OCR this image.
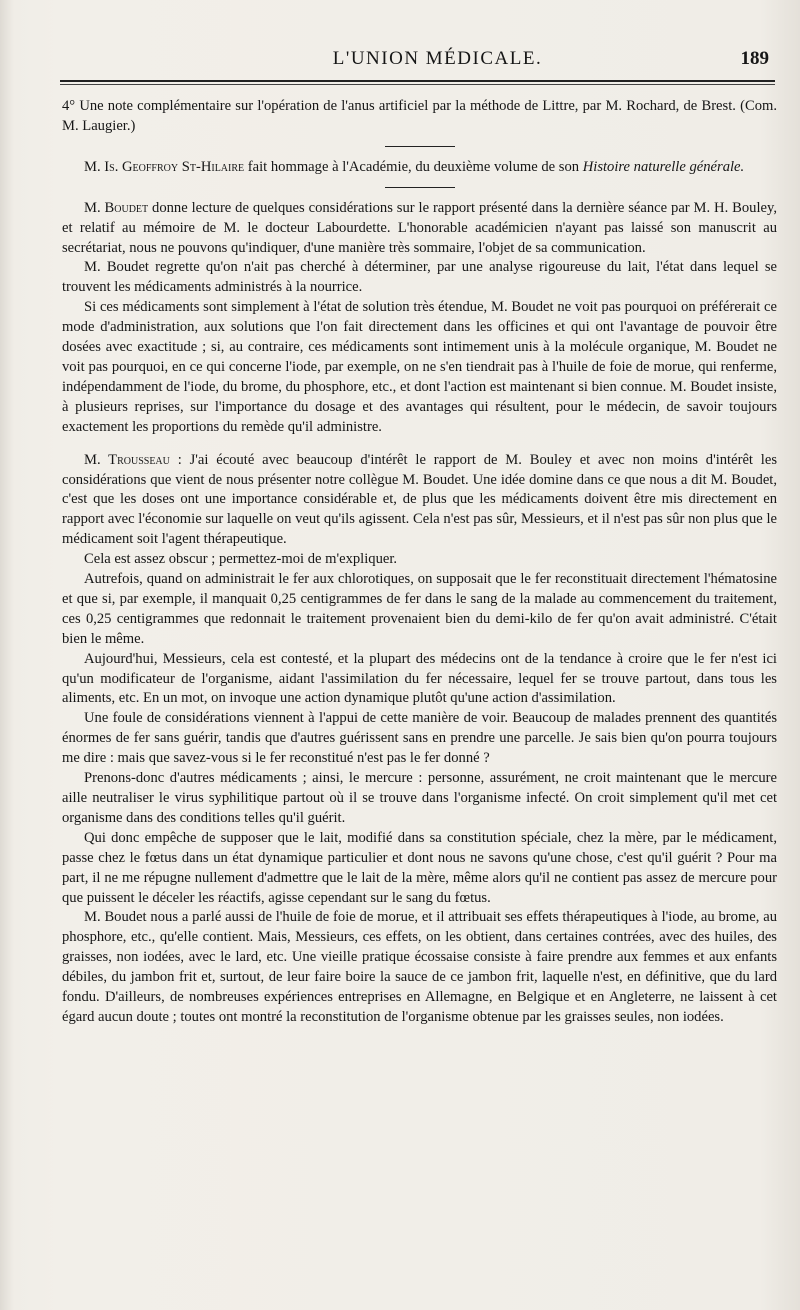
L'UNION MÉDICALE.	189

4° Une note complémentaire sur l'opération de l'anus artificiel par la méthode de Littre, par M. Rochard, de Brest. (Com. M. Laugier.)

M. Is. Geoffroy St-Hilaire fait hommage à l'Académie, du deuxième volume de son Histoire naturelle générale.

M. Boudet donne lecture de quelques considérations sur le rapport présenté dans la dernière séance par M. H. Bouley, et relatif au mémoire de M. le docteur Labourdette. L'honorable académicien n'ayant pas laissé son manuscrit au secrétariat, nous ne pouvons qu'indiquer, d'une manière très sommaire, l'objet de sa communication.

M. Boudet regrette qu'on n'ait pas cherché à déterminer, par une analyse rigoureuse du lait, l'état dans lequel se trouvent les médicaments administrés à la nourrice.

Si ces médicaments sont simplement à l'état de solution très étendue, M. Boudet ne voit pas pourquoi on préférerait ce mode d'administration, aux solutions que l'on fait directement dans les officines et qui ont l'avantage de pouvoir être dosées avec exactitude ; si, au contraire, ces médicaments sont intimement unis à la molécule organique, M. Boudet ne voit pas pourquoi, en ce qui concerne l'iode, par exemple, on ne s'en tiendrait pas à l'huile de foie de morue, qui renferme, indépendamment de l'iode, du brome, du phosphore, etc., et dont l'action est maintenant si bien connue. M. Boudet insiste, à plusieurs reprises, sur l'importance du dosage et des avantages qui résultent, pour le médecin, de savoir toujours exactement les proportions du remède qu'il administre.

M. Trousseau : J'ai écouté avec beaucoup d'intérêt le rapport de M. Bouley et avec non moins d'intérêt les considérations que vient de nous présenter notre collègue M. Boudet. Une idée domine dans ce que nous a dit M. Boudet, c'est que les doses ont une importance considérable et, de plus que les médicaments doivent être mis directement en rapport avec l'économie sur laquelle on veut qu'ils agissent. Cela n'est pas sûr, Messieurs, et il n'est pas sûr non plus que le médicament soit l'agent thérapeutique.

Cela est assez obscur ; permettez-moi de m'expliquer.

Autrefois, quand on administrait le fer aux chlorotiques, on supposait que le fer reconstituait directement l'hématosine et que si, par exemple, il manquait 0,25 centigrammes de fer dans le sang de la malade au commencement du traitement, ces 0,25 centigrammes que redonnait le traitement provenaient bien du demi-kilo de fer qu'on avait administré. C'était bien le même.

Aujourd'hui, Messieurs, cela est contesté, et la plupart des médecins ont de la tendance à croire que le fer n'est ici qu'un modificateur de l'organisme, aidant l'assimilation du fer nécessaire, lequel fer se trouve partout, dans tous les aliments, etc. En un mot, on invoque une action dynamique plutôt qu'une action d'assimilation.

Une foule de considérations viennent à l'appui de cette manière de voir. Beaucoup de malades prennent des quantités énormes de fer sans guérir, tandis que d'autres guérissent sans en prendre une parcelle. Je sais bien qu'on pourra toujours me dire : mais que savez-vous si le fer reconstitué n'est pas le fer donné ?

Prenons-donc d'autres médicaments ; ainsi, le mercure : personne, assurément, ne croit maintenant que le mercure aille neutraliser le virus syphilitique partout où il se trouve dans l'organisme infecté. On croit simplement qu'il met cet organisme dans des conditions telles qu'il guérit.

Qui donc empêche de supposer que le lait, modifié dans sa constitution spéciale, chez la mère, par le médicament, passe chez le fœtus dans un état dynamique particulier et dont nous ne savons qu'une chose, c'est qu'il guérit ? Pour ma part, il ne me répugne nullement d'admettre que le lait de la mère, même alors qu'il ne contient pas assez de mercure pour que puissent le déceler les réactifs, agisse cependant sur le sang du fœtus.

M. Boudet nous a parlé aussi de l'huile de foie de morue, et il attribuait ses effets thérapeutiques à l'iode, au brome, au phosphore, etc., qu'elle contient. Mais, Messieurs, ces effets, on les obtient, dans certaines contrées, avec des huiles, des graisses, non iodées, avec le lard, etc. Une vieille pratique écossaise consiste à faire prendre aux femmes et aux enfants débiles, du jambon frit et, surtout, de leur faire boire la sauce de ce jambon frit, laquelle n'est, en définitive, que du lard fondu. D'ailleurs, de nombreuses expériences entreprises en Allemagne, en Belgique et en Angleterre, ne laissent à cet égard aucun doute ; toutes ont montré la reconstitution de l'organisme obtenue par les graisses seules, non iodées.
